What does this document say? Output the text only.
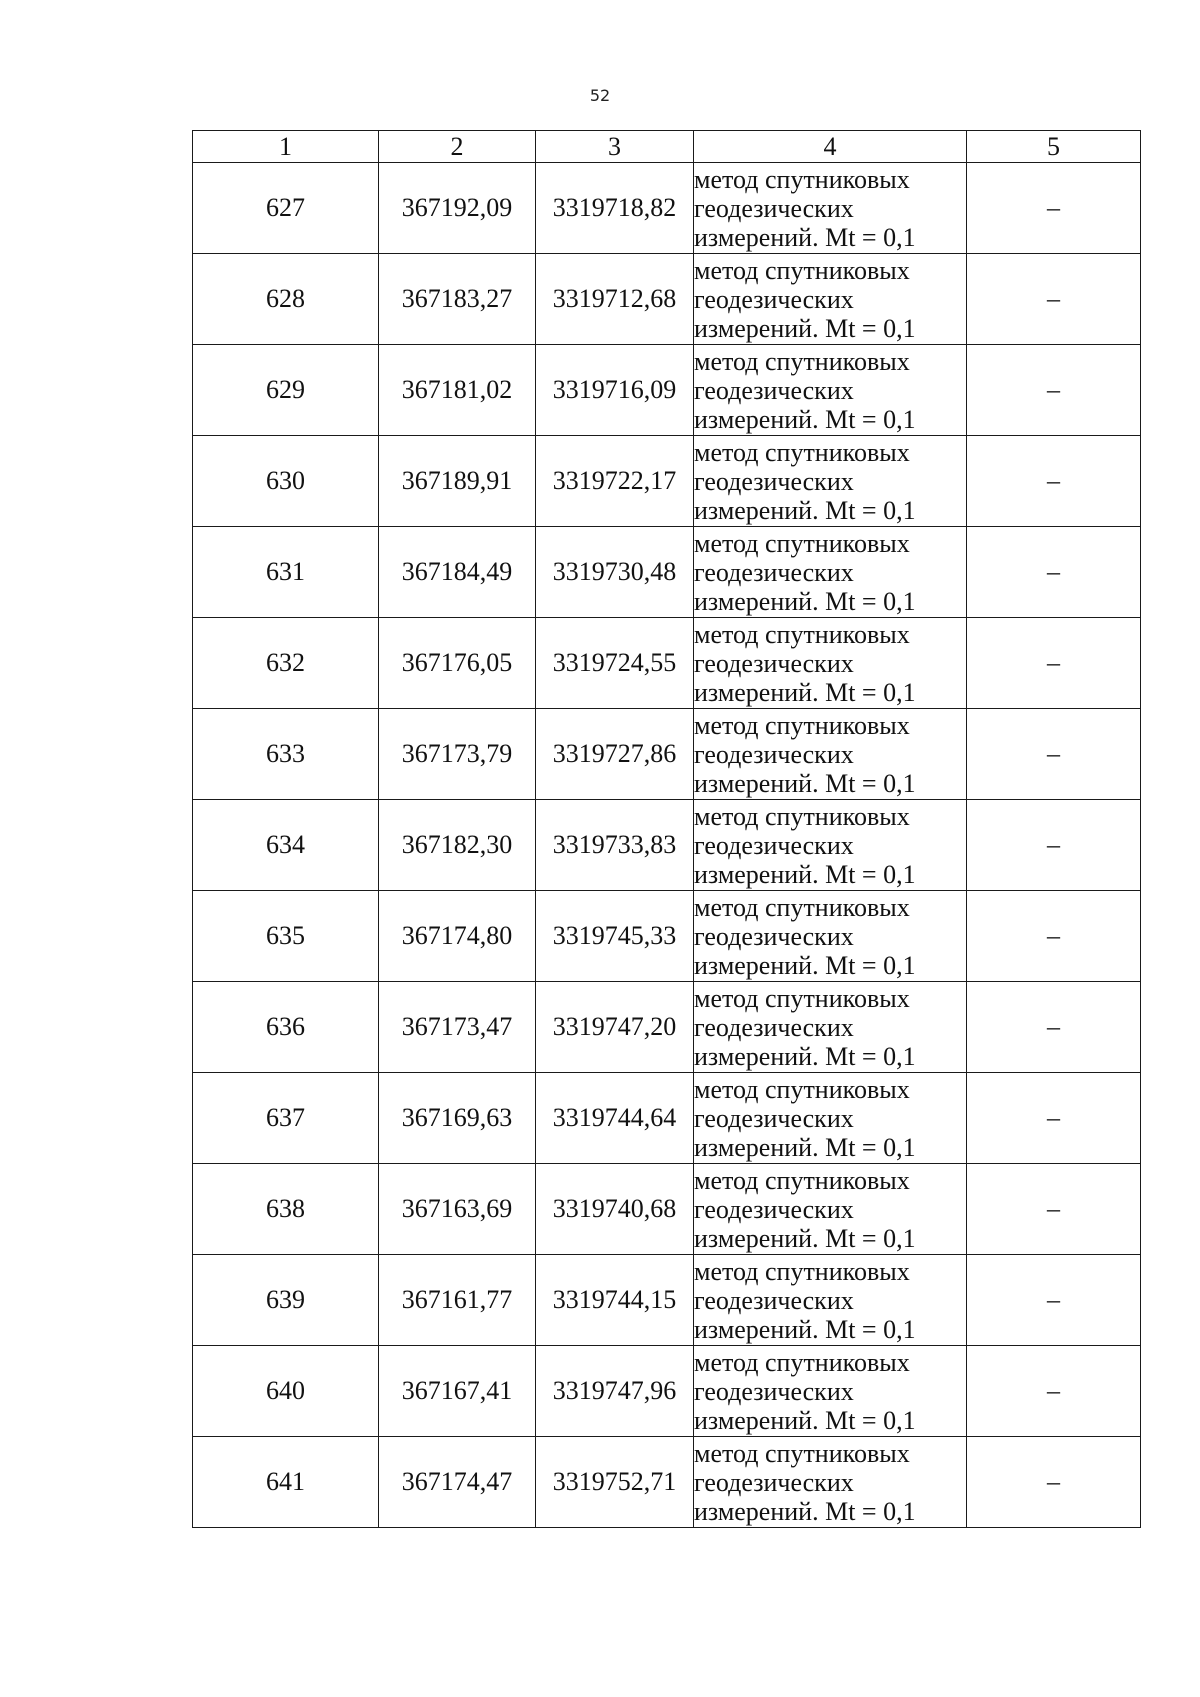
52
1	2	3	4	5
627	367192,09	3319718,82	метод спутниковых
геодезических
измерений. Mt = 0,1	–
628	367183,27	3319712,68	метод спутниковых
геодезических
измерений. Mt = 0,1	–
629	367181,02	3319716,09	метод спутниковых
геодезических
измерений. Mt = 0,1	–
630	367189,91	3319722,17	метод спутниковых
геодезических
измерений. Mt = 0,1	–
631	367184,49	3319730,48	метод спутниковых
геодезических
измерений. Mt = 0,1	–
632	367176,05	3319724,55	метод спутниковых
геодезических
измерений. Mt = 0,1	–
633	367173,79	3319727,86	метод спутниковых
геодезических
измерений. Mt = 0,1	–
634	367182,30	3319733,83	метод спутниковых
геодезических
измерений. Mt = 0,1	–
635	367174,80	3319745,33	метод спутниковых
геодезических
измерений. Mt = 0,1	–
636	367173,47	3319747,20	метод спутниковых
геодезических
измерений. Mt = 0,1	–
637	367169,63	3319744,64	метод спутниковых
геодезических
измерений. Mt = 0,1	–
638	367163,69	3319740,68	метод спутниковых
геодезических
измерений. Mt = 0,1	–
639	367161,77	3319744,15	метод спутниковых
геодезических
измерений. Mt = 0,1	–
640	367167,41	3319747,96	метод спутниковых
геодезических
измерений. Mt = 0,1	–
641	367174,47	3319752,71	метод спутниковых
геодезических
измерений. Mt = 0,1	–
